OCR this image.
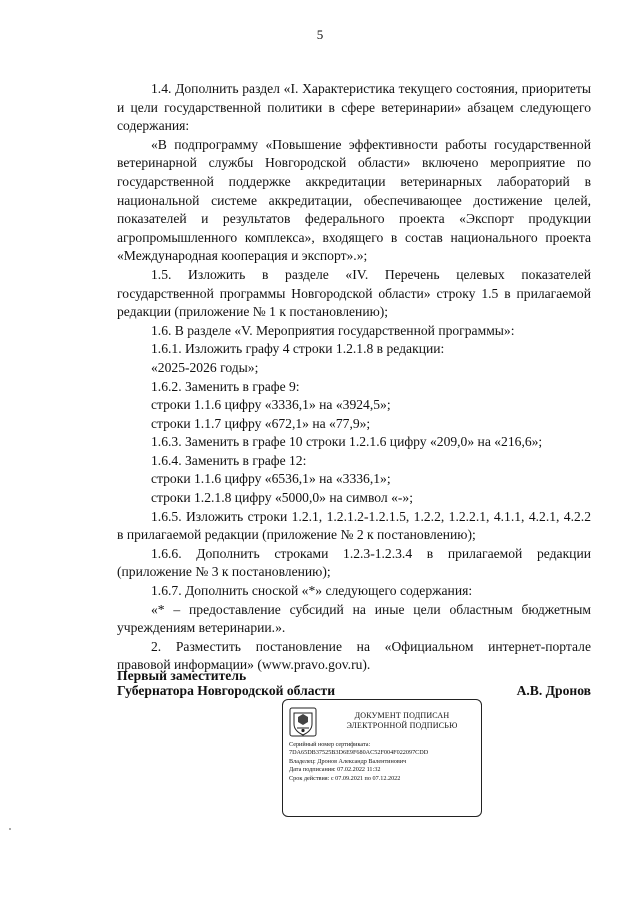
5

1.4. Дополнить раздел «I. Характеристика текущего состояния, приоритеты и цели государственной политики в сфере ветеринарии» абзацем следующего содержания:

«В подпрограмму «Повышение эффективности работы государственной ветеринарной службы Новгородской области» включено мероприятие по государственной поддержке аккредитации ветеринарных лабораторий в национальной системе аккредитации, обеспечивающее достижение целей, показателей и результатов федерального проекта «Экспорт продукции агропромышленного комплекса», входящего в состав национального проекта «Международная кооперация и экспорт».»;

1.5. Изложить в разделе «IV. Перечень целевых показателей государственной программы Новгородской области» строку 1.5 в прилагаемой редакции (приложение № 1 к постановлению);

1.6. В разделе «V. Мероприятия государственной программы»:

1.6.1. Изложить графу 4 строки 1.2.1.8 в редакции:

«2025-2026 годы»;

1.6.2. Заменить в графе 9:

строки 1.1.6 цифру «3336,1» на «3924,5»;

строки 1.1.7 цифру «672,1» на «77,9»;

1.6.3. Заменить в графе 10 строки 1.2.1.6 цифру «209,0» на «216,6»;

1.6.4. Заменить в графе 12:

строки 1.1.6 цифру «6536,1» на «3336,1»;

строки 1.2.1.8 цифру «5000,0» на символ «-»;

1.6.5. Изложить строки 1.2.1, 1.2.1.2-1.2.1.5, 1.2.2, 1.2.2.1, 4.1.1, 4.2.1, 4.2.2 в прилагаемой редакции (приложение № 2 к постановлению);

1.6.6. Дополнить строками 1.2.3-1.2.3.4 в прилагаемой редакции (приложение № 3 к постановлению);

1.6.7. Дополнить сноской «*» следующего содержания:

«* – предоставление субсидий на иные цели областным бюджетным учреждениям ветеринарии.».

2. Разместить постановление на «Официальном интернет-портале правовой информации» (www.pravo.gov.ru).

Первый заместитель
Губернатора Новгородской области	А.В. Дронов
ДОКУМЕНТ ПОДПИСАН
ЭЛЕКТРОННОЙ ПОДПИСЬЮ
Серийный номер сертификата:
7DA65DB37525B3D6E9F680AC52F004F022097CDD
Владелец: Дронов Александр Валентинович
Дата подписания: 07.02.2022 11:32
Срок действия: с 07.09.2021 по 07.12.2022
